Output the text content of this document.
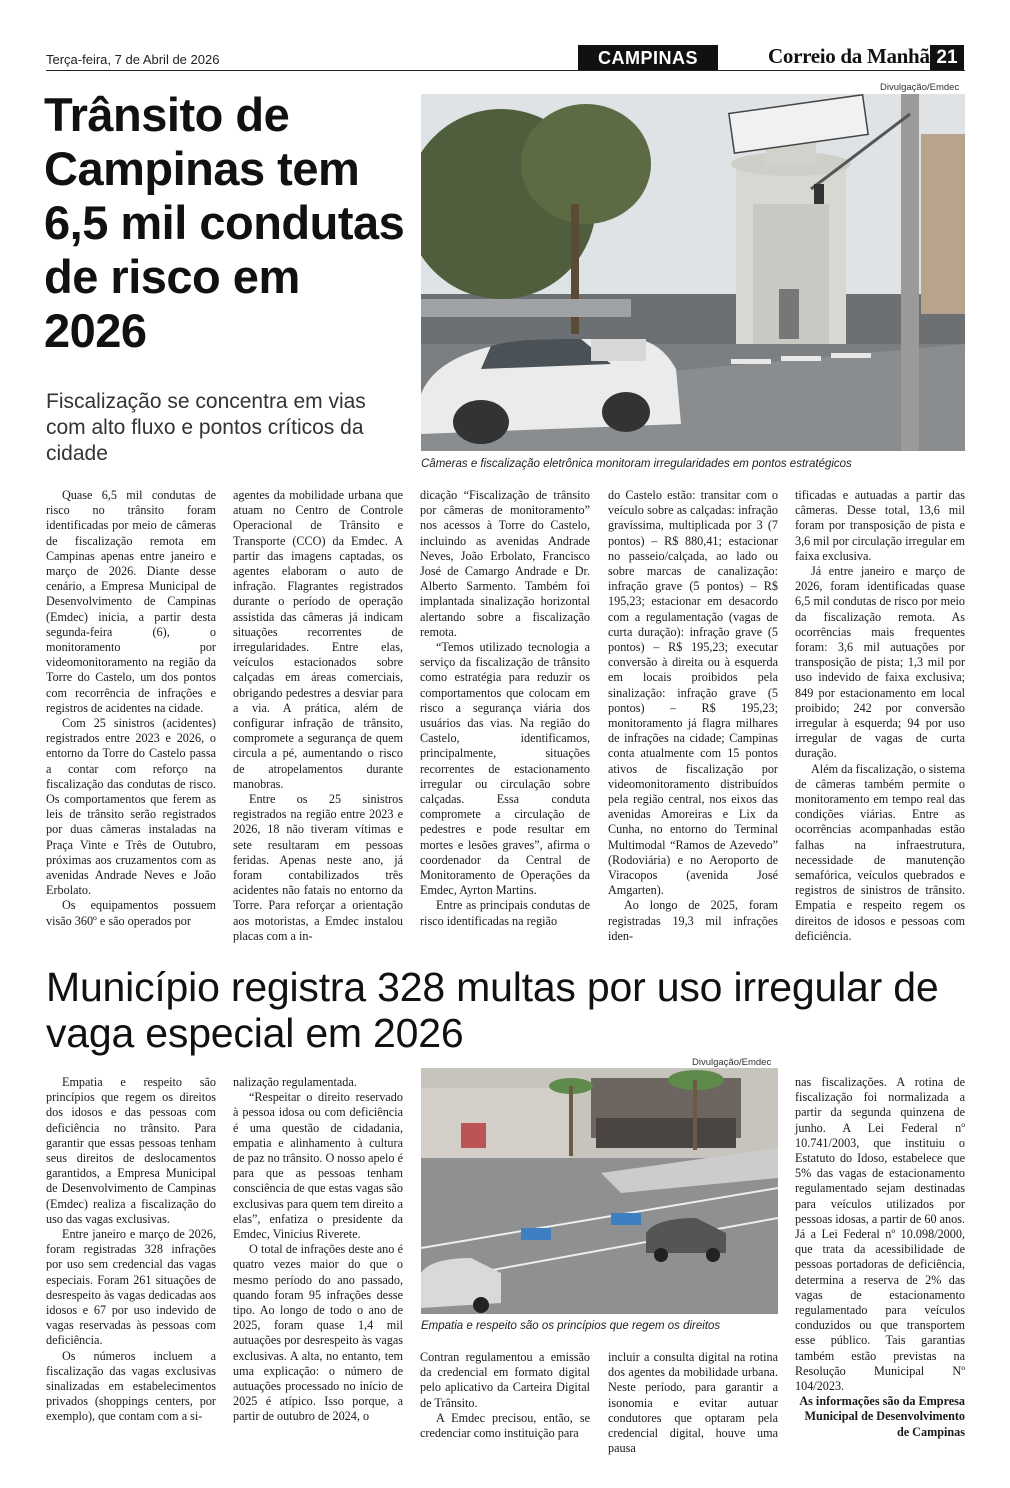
Terça-feira, 7 de Abril de 2026	CAMPINAS	Correio da Manhã 21
Trânsito de Campinas tem 6,5 mil condutas de risco em 2026
Fiscalização se concentra em vias com alto fluxo e pontos críticos da cidade
Divulgação/Emdec
Câmeras e fiscalização eletrônica monitoram irregularidades em pontos estratégicos

Quase 6,5 mil condutas de risco no trânsito foram identificadas por meio de câmeras de fiscalização remota em Campinas apenas entre janeiro e março de 2026. Diante desse cenário, a Empresa Municipal de Desenvolvimento de Campinas (Emdec) inicia, a partir desta segunda-feira (6), o monitoramento por videomonitoramento na região da Torre do Castelo, um dos pontos com recorrência de infrações e registros de acidentes na cidade.

Com 25 sinistros (acidentes) registrados entre 2023 e 2026, o entorno da Torre do Castelo passa a contar com reforço na fiscalização das condutas de risco. Os comportamentos que ferem as leis de trânsito serão registrados por duas câmeras instaladas na Praça Vinte e Três de Outubro, próximas aos cruzamentos com as avenidas Andrade Neves e João Erbolato.

Os equipamentos possuem visão 360º e são operados por

agentes da mobilidade urbana que atuam no Centro de Controle Operacional de Trânsito e Transporte (CCO) da Emdec. A partir das imagens captadas, os agentes elaboram o auto de infração. Flagrantes registrados durante o período de operação assistida das câmeras já indicam situações recorrentes de irregularidades. Entre elas, veículos estacionados sobre calçadas em áreas comerciais, obrigando pedestres a desviar para a via. A prática, além de configurar infração de trânsito, compromete a segurança de quem circula a pé, aumentando o risco de atropelamentos durante manobras.

Entre os 25 sinistros registrados na região entre 2023 e 2026, 18 não tiveram vítimas e sete resultaram em pessoas feridas. Apenas neste ano, já foram contabilizados três acidentes não fatais no entorno da Torre. Para reforçar a orientação aos motoristas, a Emdec instalou placas com a in-

dicação “Fiscalização de trânsito por câmeras de monitoramento” nos acessos à Torre do Castelo, incluindo as avenidas Andrade Neves, João Erbolato, Francisco José de Camargo Andrade e Dr. Alberto Sarmento. Também foi implantada sinalização horizontal alertando sobre a fiscalização remota.

“Temos utilizado tecnologia a serviço da fiscalização de trânsito como estratégia para reduzir os comportamentos que colocam em risco a segurança viária dos usuários das vias. Na região do Castelo, identificamos, principalmente, situações recorrentes de estacionamento irregular ou circulação sobre calçadas. Essa conduta compromete a circulação de pedestres e pode resultar em mortes e lesões graves”, afirma o coordenador da Central de Monitoramento de Operações da Emdec, Ayrton Martins.

Entre as principais condutas de risco identificadas na região

do Castelo estão: transitar com o veículo sobre as calçadas: infração gravíssima, multiplicada por 3 (7 pontos) – R$ 880,41; estacionar no passeio/calçada, ao lado ou sobre marcas de canalização: infração grave (5 pontos) – R$ 195,23; estacionar em desacordo com a regulamentação (vagas de curta duração): infração grave (5 pontos) – R$ 195,23; executar conversão à direita ou à esquerda em locais proibidos pela sinalização: infração grave (5 pontos) – R$ 195,23; monitoramento já flagra milhares de infrações na cidade; Campinas conta atualmente com 15 pontos ativos de fiscalização por videomonitoramento distribuídos pela região central, nos eixos das avenidas Amoreiras e Lix da Cunha, no entorno do Terminal Multimodal “Ramos de Azevedo” (Rodoviária) e no Aeroporto de Viracopos (avenida José Amgarten).

Ao longo de 2025, foram registradas 19,3 mil infrações iden-

tificadas e autuadas a partir das câmeras. Desse total, 13,6 mil foram por transposição de pista e 3,6 mil por circulação irregular em faixa exclusiva.

Já entre janeiro e março de 2026, foram identificadas quase 6,5 mil condutas de risco por meio da fiscalização remota. As ocorrências mais frequentes foram: 3,6 mil autuações por transposição de pista; 1,3 mil por uso indevido de faixa exclusiva; 849 por estacionamento em local proibido; 242 por conversão irregular à esquerda; 94 por uso irregular de vagas de curta duração.

Além da fiscalização, o sistema de câmeras também permite o monitoramento em tempo real das condições viárias. Entre as ocorrências acompanhadas estão falhas na infraestrutura, necessidade de manutenção semafórica, veículos quebrados e registros de sinistros de trânsito. Empatia e respeito regem os direitos de idosos e pessoas com deficiência.

Município registra 328 multas por uso irregular de vaga especial em 2026
Divulgação/Emdec
Empatia e respeito são os princípios que regem os direitos

Empatia e respeito são princípios que regem os direitos dos idosos e das pessoas com deficiência no trânsito. Para garantir que essas pessoas tenham seus direitos de deslocamentos garantidos, a Empresa Municipal de Desenvolvimento de Campinas (Emdec) realiza a fiscalização do uso das vagas exclusivas.

Entre janeiro e março de 2026, foram registradas 328 infrações por uso sem credencial das vagas especiais. Foram 261 situações de desrespeito às vagas dedicadas aos idosos e 67 por uso indevido de vagas reservadas às pessoas com deficiência.

Os números incluem a fiscalização das vagas exclusivas sinalizadas em estabelecimentos privados (shoppings centers, por exemplo), que contam com a si-

nalização regulamentada.

“Respeitar o direito reservado à pessoa idosa ou com deficiência é uma questão de cidadania, empatia e alinhamento à cultura de paz no trânsito. O nosso apelo é para que as pessoas tenham consciência de que estas vagas são exclusivas para quem tem direito a elas”, enfatiza o presidente da Emdec, Vinicius Riverete.

O total de infrações deste ano é quatro vezes maior do que o mesmo período do ano passado, quando foram 95 infrações desse tipo. Ao longo de todo o ano de 2025, foram quase 1,4 mil autuações por desrespeito às vagas exclusivas. A alta, no entanto, tem uma explicação: o número de autuações processado no início de 2025 é atípico. Isso porque, a partir de outubro de 2024, o

Contran regulamentou a emissão da credencial em formato digital pelo aplicativo da Carteira Digital de Trânsito.

A Emdec precisou, então, se credenciar como instituição para

incluir a consulta digital na rotina dos agentes da mobilidade urbana. Neste período, para garantir a isonomia e evitar autuar condutores que optaram pela credencial digital, houve uma pausa

nas fiscalizações. A rotina de fiscalização foi normalizada a partir da segunda quinzena de junho. A Lei Federal nº 10.741/2003, que instituiu o Estatuto do Idoso, estabelece que 5% das vagas de estacionamento regulamentado sejam destinadas para veículos utilizados por pessoas idosas, a partir de 60 anos. Já a Lei Federal nº 10.098/2000, que trata da acessibilidade de pessoas portadoras de deficiência, determina a reserva de 2% das vagas de estacionamento regulamentado para veículos conduzidos ou que transportem esse público. Tais garantias também estão previstas na Resolução Municipal Nº 104/2023.

As informações são da Empresa Municipal de Desenvolvimento de Campinas
